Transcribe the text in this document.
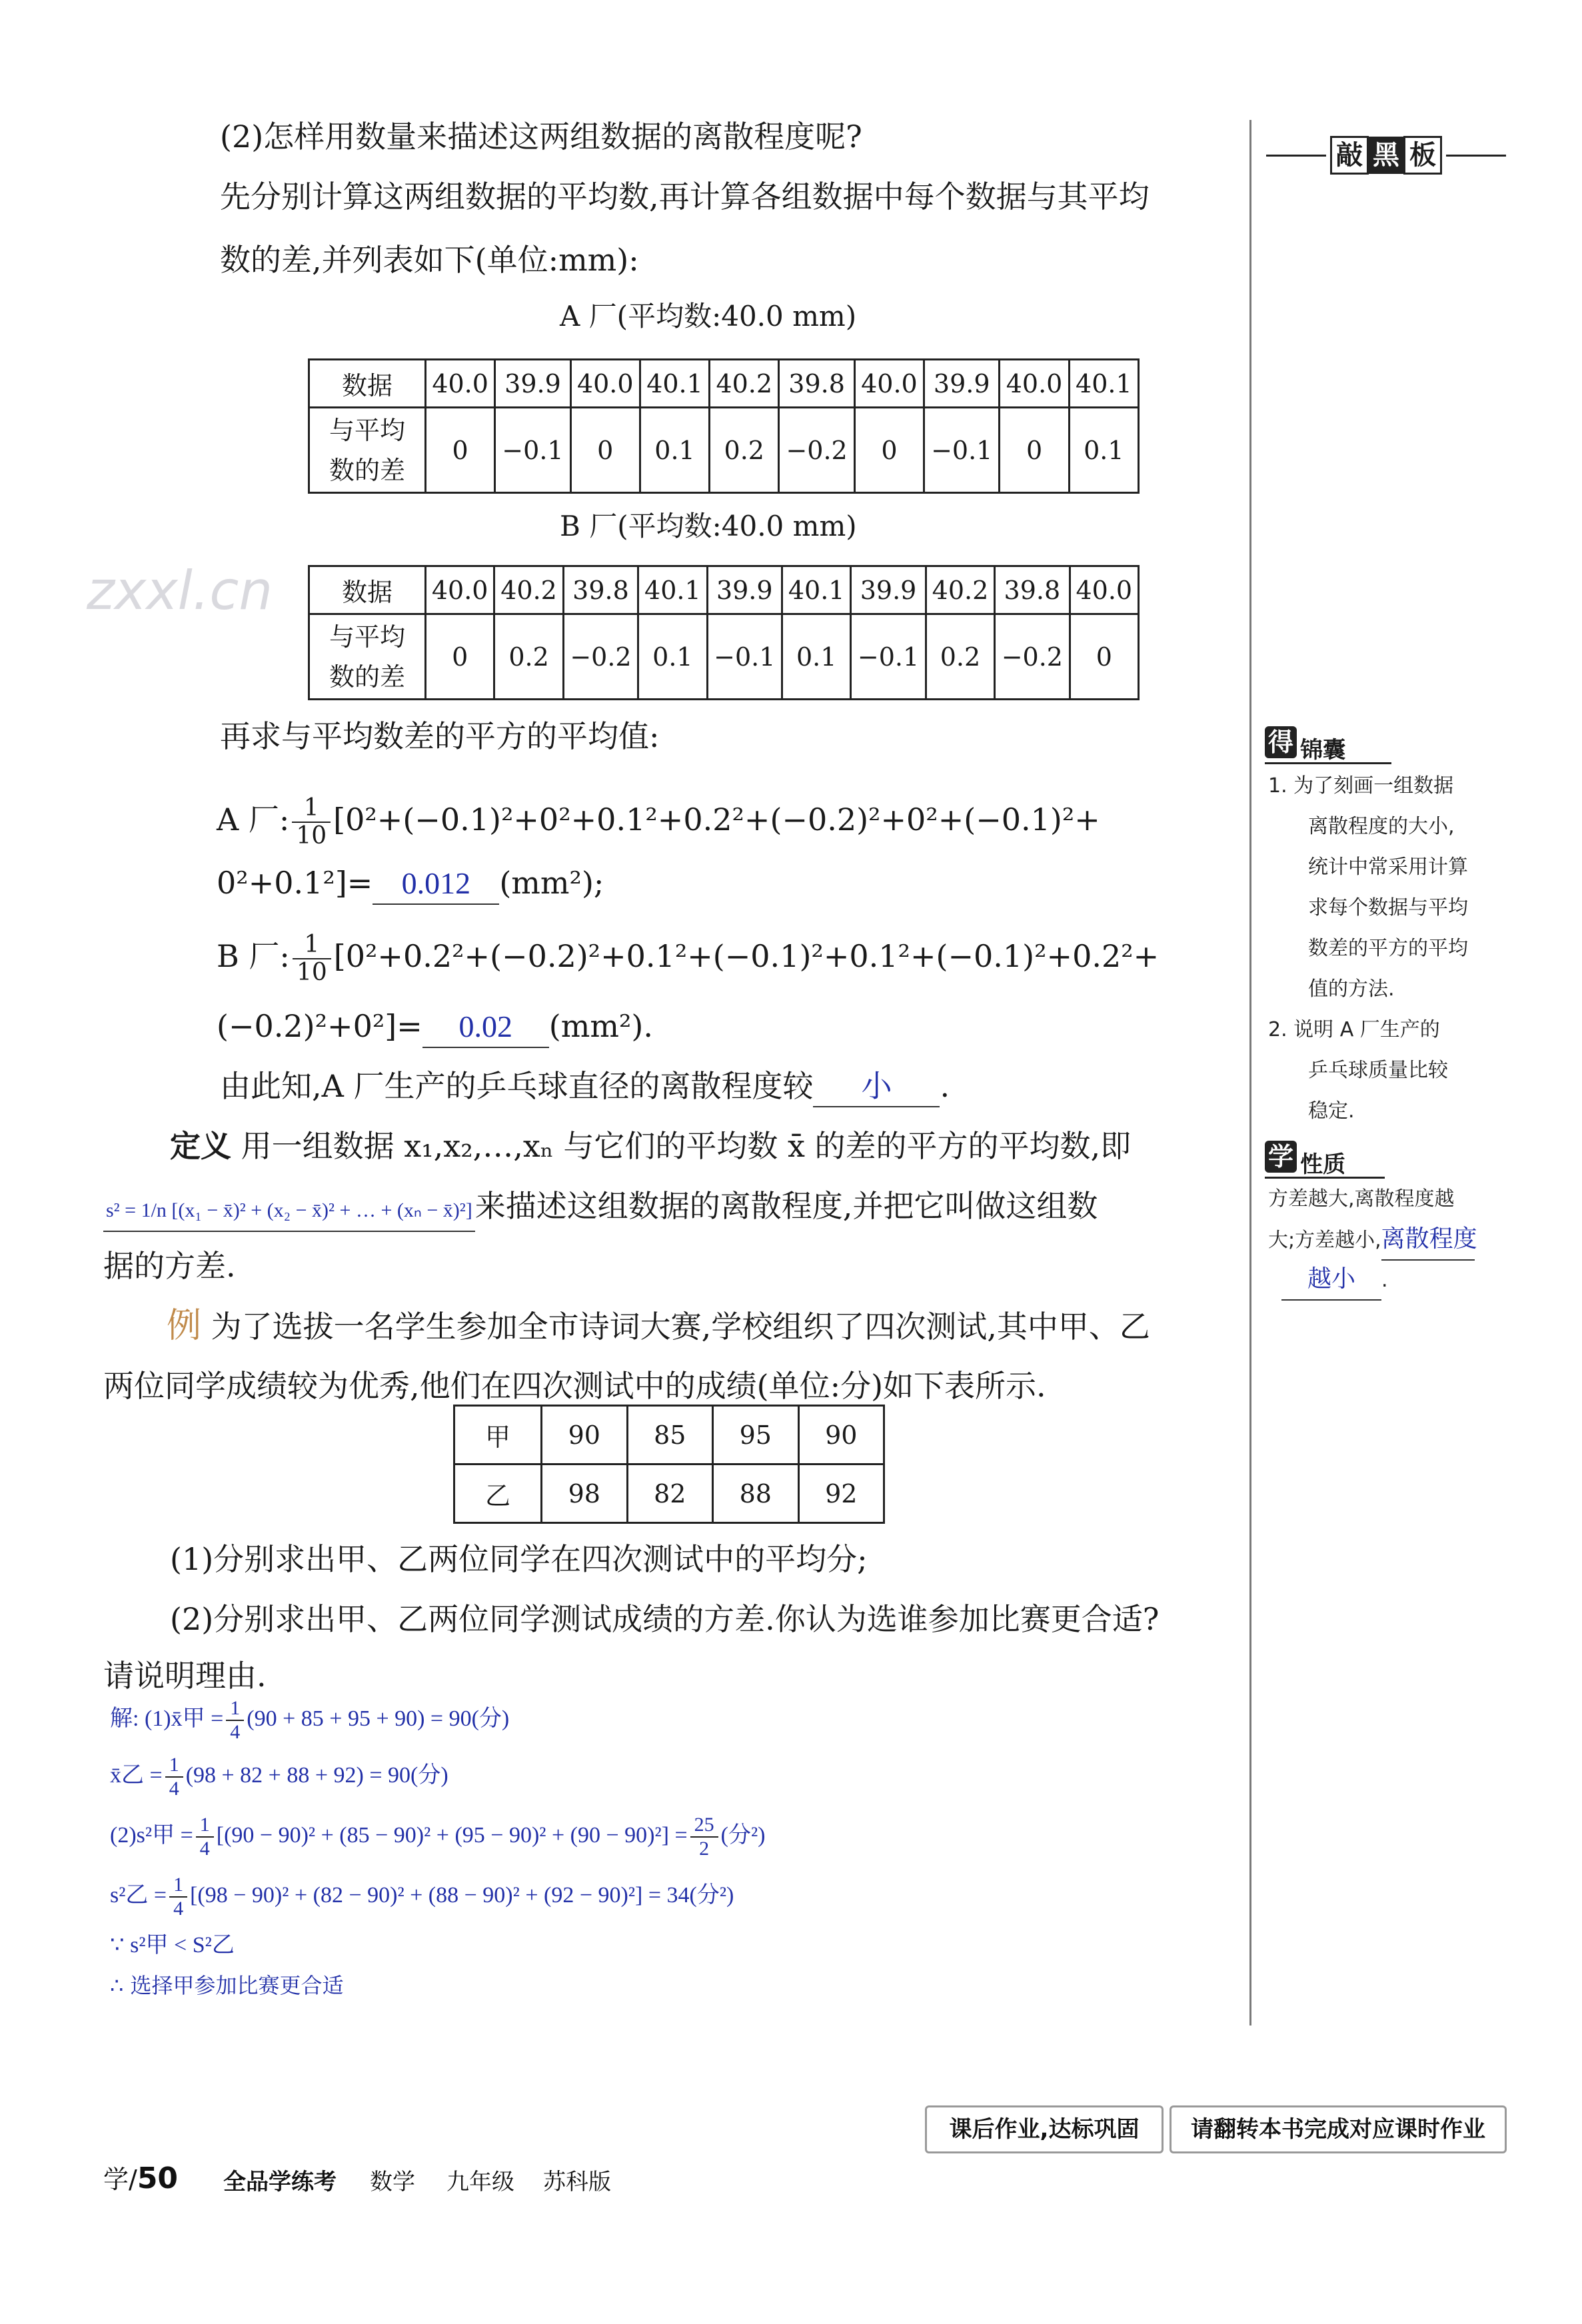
(2)怎样用数量来描述这两组数据的离散程度呢?
先分别计算这两组数据的平均数,再计算各组数据中每个数据与其平均
数的差,并列表如下(单位:mm):
A 厂(平均数:40.0 mm)
数据	40.0	39.9	40.0	40.1	40.2	39.8	40.0	39.9	40.0	40.1

与平均
数的差	0	−0.1	0	0.1	0.2	−0.2	0	−0.1	0	0.1
B 厂(平均数:40.0 mm)
zxxl.cn	数据	40.0	40.2	39.8	40.1	39.9	40.1	39.9	40.2	39.8	40.0

与平均
数的差	0	0.2	−0.2	0.1	−0.1	0.1	−0.1	0.2	−0.2	0
再求与平均数差的平方的平均值:
A 厂: $\frac{1}{10} [0^2+(-0.1)^2+0^2+0.1^2+0.2^2+(-0.2)^2+0^2+(-0.1)^2+$
0²+0.1²]= 0.012 (mm²);
B 厂: $\frac{1}{10} [0^2+0.2^2+(-0.2)^2+0.1^2+(-0.1)^2+0.1^2+(-0.1)^2+0.2^2+$
(−0.2)²+0²]= 0.02 (mm²).
由此知,A 厂生产的乒乓球直径的离散程度较 小 .
定义 用一组数据 x₁,x₂,…,xₙ 与它们的平均数 x̄ 的差的平方的平均数,即
s² = 1/n [(x₁ − x̄)² + (x₂ − x̄)² + … + (xₙ − x̄)²]来描述这组数据的离散程度,并把它叫做这组数
据的方差.
例 为了选拔一名学生参加全市诗词大赛,学校组织了四次测试,其中甲、乙
两位同学成绩较为优秀,他们在四次测试中的成绩(单位:分)如下表所示.
甲	90	85	95	90
乙	98	82	88	92
(1)分别求出甲、乙两位同学在四次测试中的平均分;
(2)分别求出甲、乙两位同学测试成绩的方差.你认为选谁参加比赛更合适?
请说明理由.
解: (1)x̄甲 = $\frac{1}{4} (90 + 85 + 95 + 90) = 90$(分)
x̄乙 = $\frac{1}{4} (98 + 82 + 88 + 92) = 90$(分)
(2)s²甲 = $\frac{1}{4} [(90 - 90)^2 + (85 - 90)^2 + (95 - 90)^2 + (90 - 90)^2] = \frac{25}{2}$ (分²)
s²乙 = $\frac{1}{4} [(98 - 90)^2 + (82 - 90)^2 + (88 - 90)^2 + (92 - 90)^2] = 34$(分²)
∵ s²甲 < S²乙
∴ 选择甲参加比赛更合适
敲 黑 板
得 锦囊
1. 为了刻画一组数据
离散程度的大小,
统计中常采用计算
求每个数据与平均
数差的平方的平均
值的方法.
2. 说明 A 厂生产的
乒乓球质量比较
稳定.
学 性质
方差越大,离散程度越
大;方差越小,离散程度
越小 .
课后作业,达标巩固	请翻转本书完成对应课时作业
学/50 全品学练考 数学 九年级 苏科版
